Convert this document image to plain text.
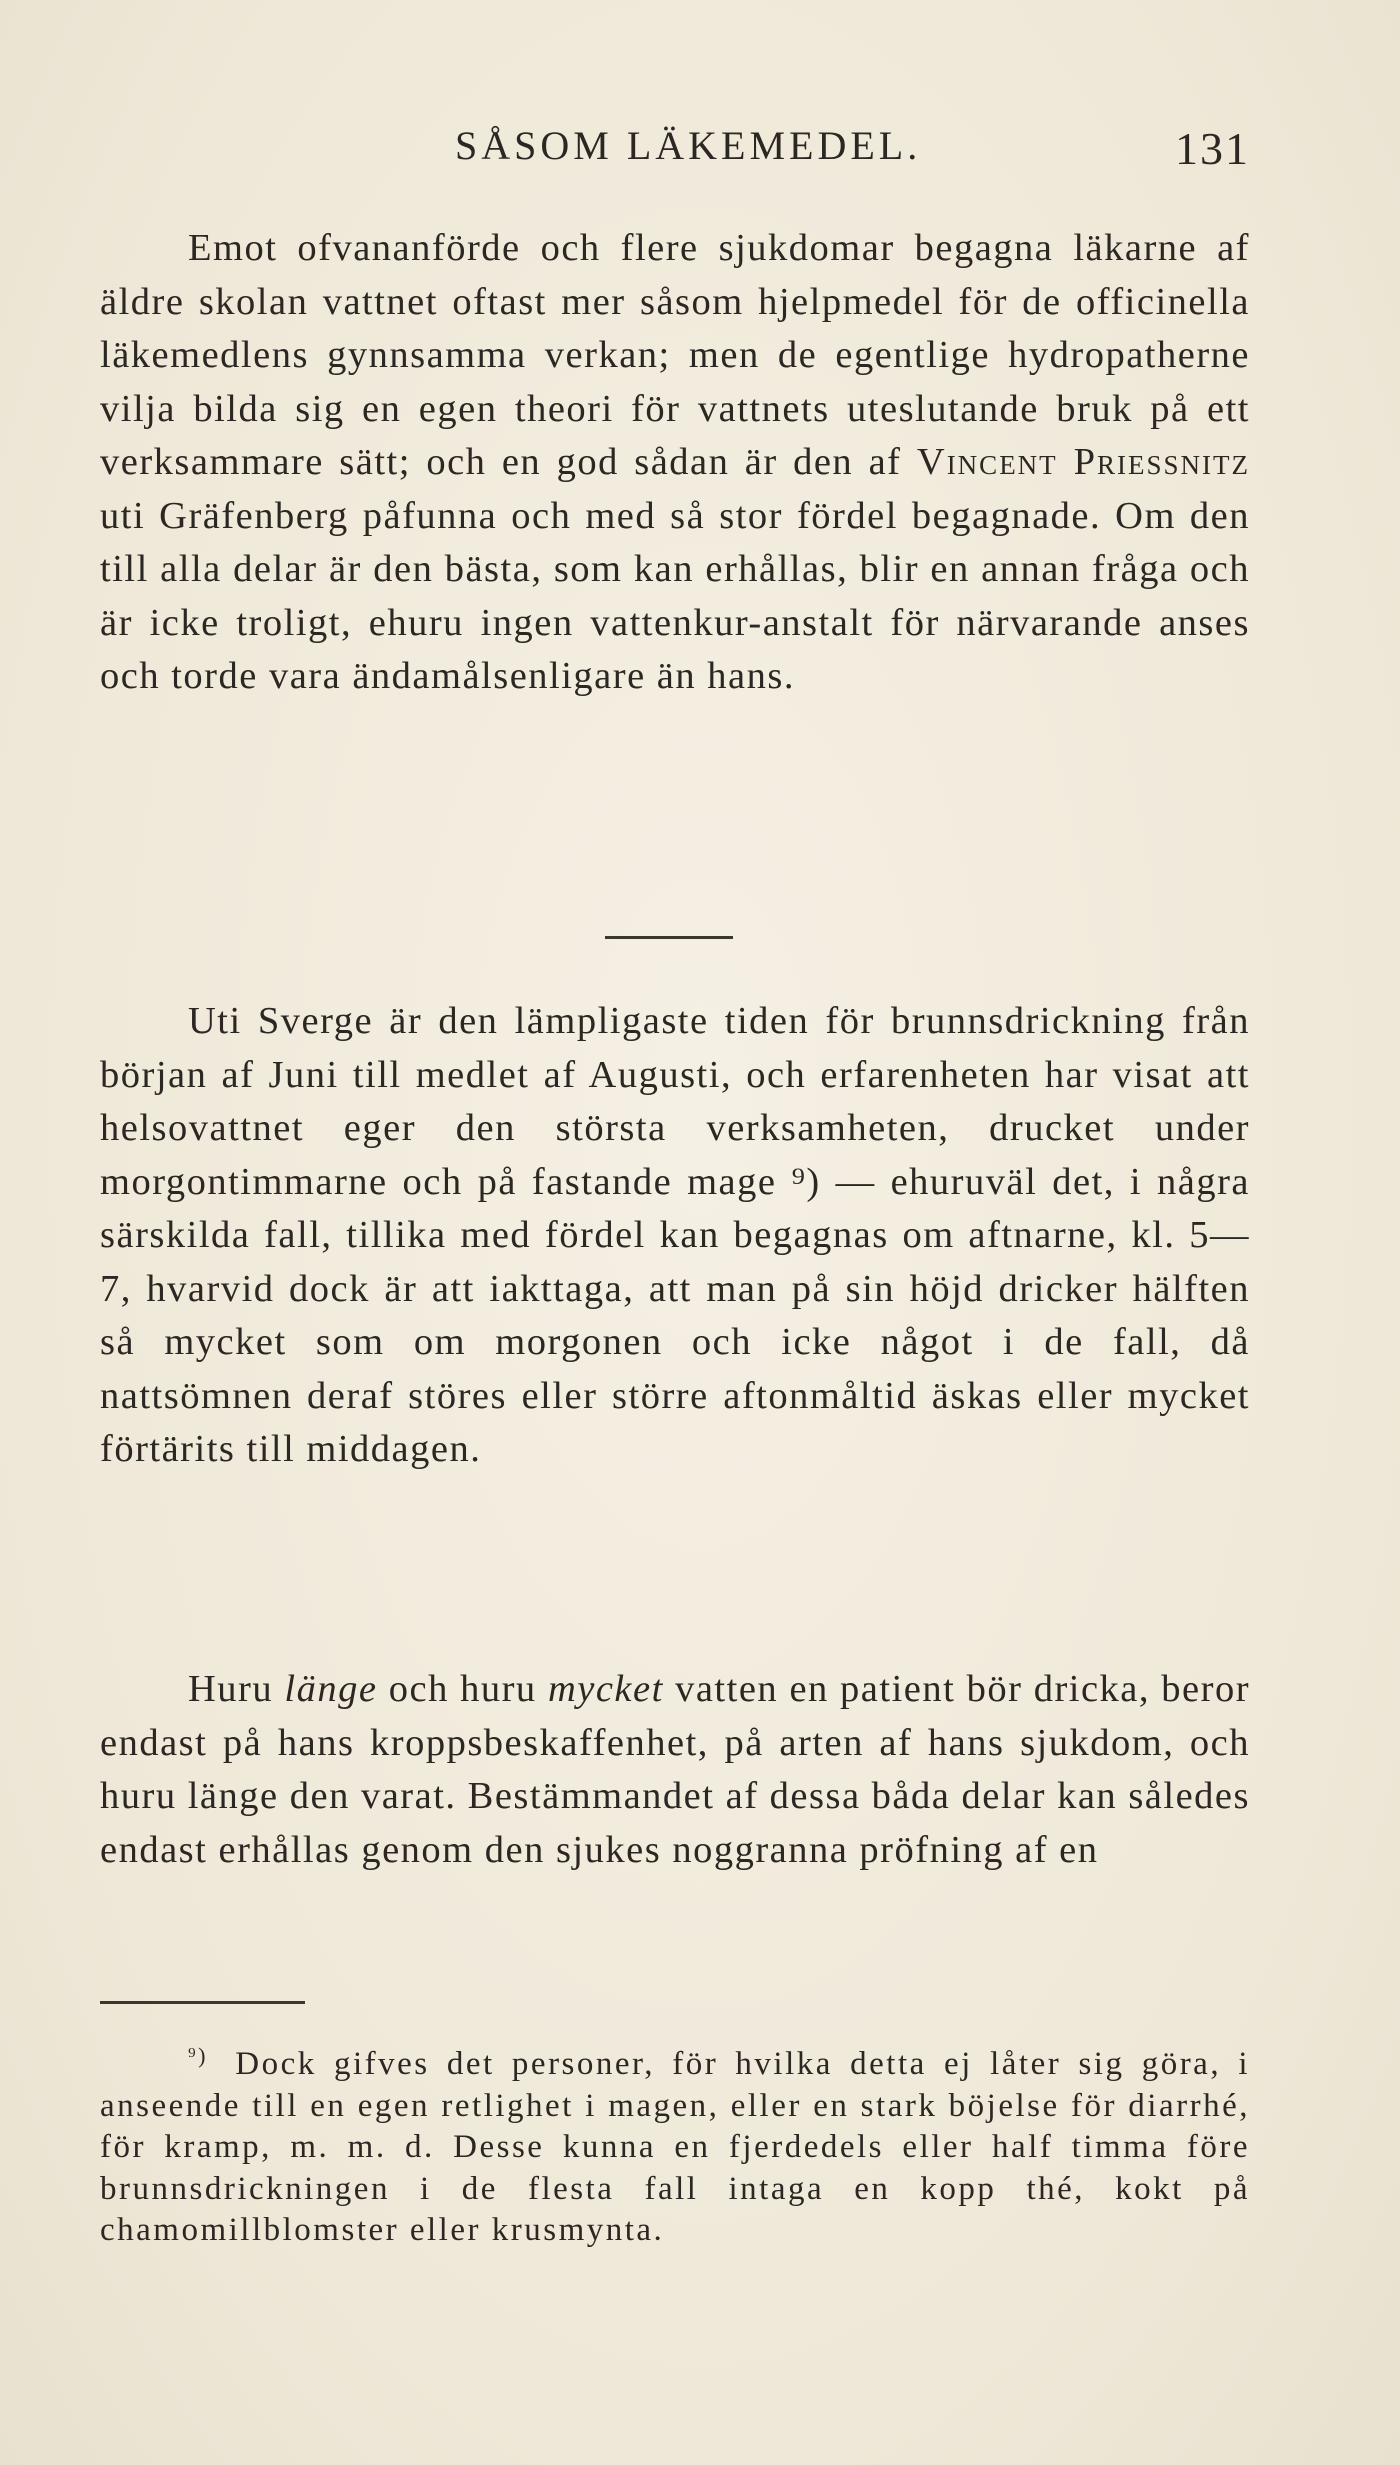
SÅSOM LÄKEMEDEL.	131

Emot ofvananförde och flere sjukdomar begagna läkarne af äldre skolan vattnet oftast mer såsom hjelpmedel för de officinella läkemedlens gynnsamma verkan; men de egentlige hydropatherne vilja bilda sig en egen theori för vattnets uteslutande bruk på ett verksammare sätt; och en god sådan är den af Vincent Priessnitz uti Gräfenberg påfunna och med så stor fördel begagnade. Om den till alla delar är den bästa, som kan erhållas, blir en annan fråga och är icke troligt, ehuru ingen vattenkur-anstalt för närvarande anses och torde vara ändamålsenligare än hans.

Uti Sverge är den lämpligaste tiden för brunnsdrickning från början af Juni till medlet af Augusti, och erfarenheten har visat att helsovattnet eger den största verksamheten, drucket under morgontimmarne och på fastande mage ⁹) — ehuruväl det, i några särskilda fall, tillika med fördel kan begagnas om aftnarne, kl. 5—7, hvarvid dock är att iakttaga, att man på sin höjd dricker hälften så mycket som om morgonen och icke något i de fall, då nattsömnen deraf störes eller större aftonmåltid äskas eller mycket förtärits till middagen.

Huru länge och huru mycket vatten en patient bör dricka, beror endast på hans kroppsbeskaffenhet, på arten af hans sjukdom, och huru länge den varat. Bestämmandet af dessa båda delar kan således endast erhållas genom den sjukes noggranna pröfning af en

$^{^9)}$ Dock gifves det personer, för hvilka detta ej låter sig göra, i anseende till en egen retlighet i magen, eller en stark böjelse för diarrhé, för kramp, m. m. d. Desse kunna en fjerdedels eller half timma före brunnsdrickningen i de flesta fall intaga en kopp thé, kokt på chamomillblomster eller krusmynta.
